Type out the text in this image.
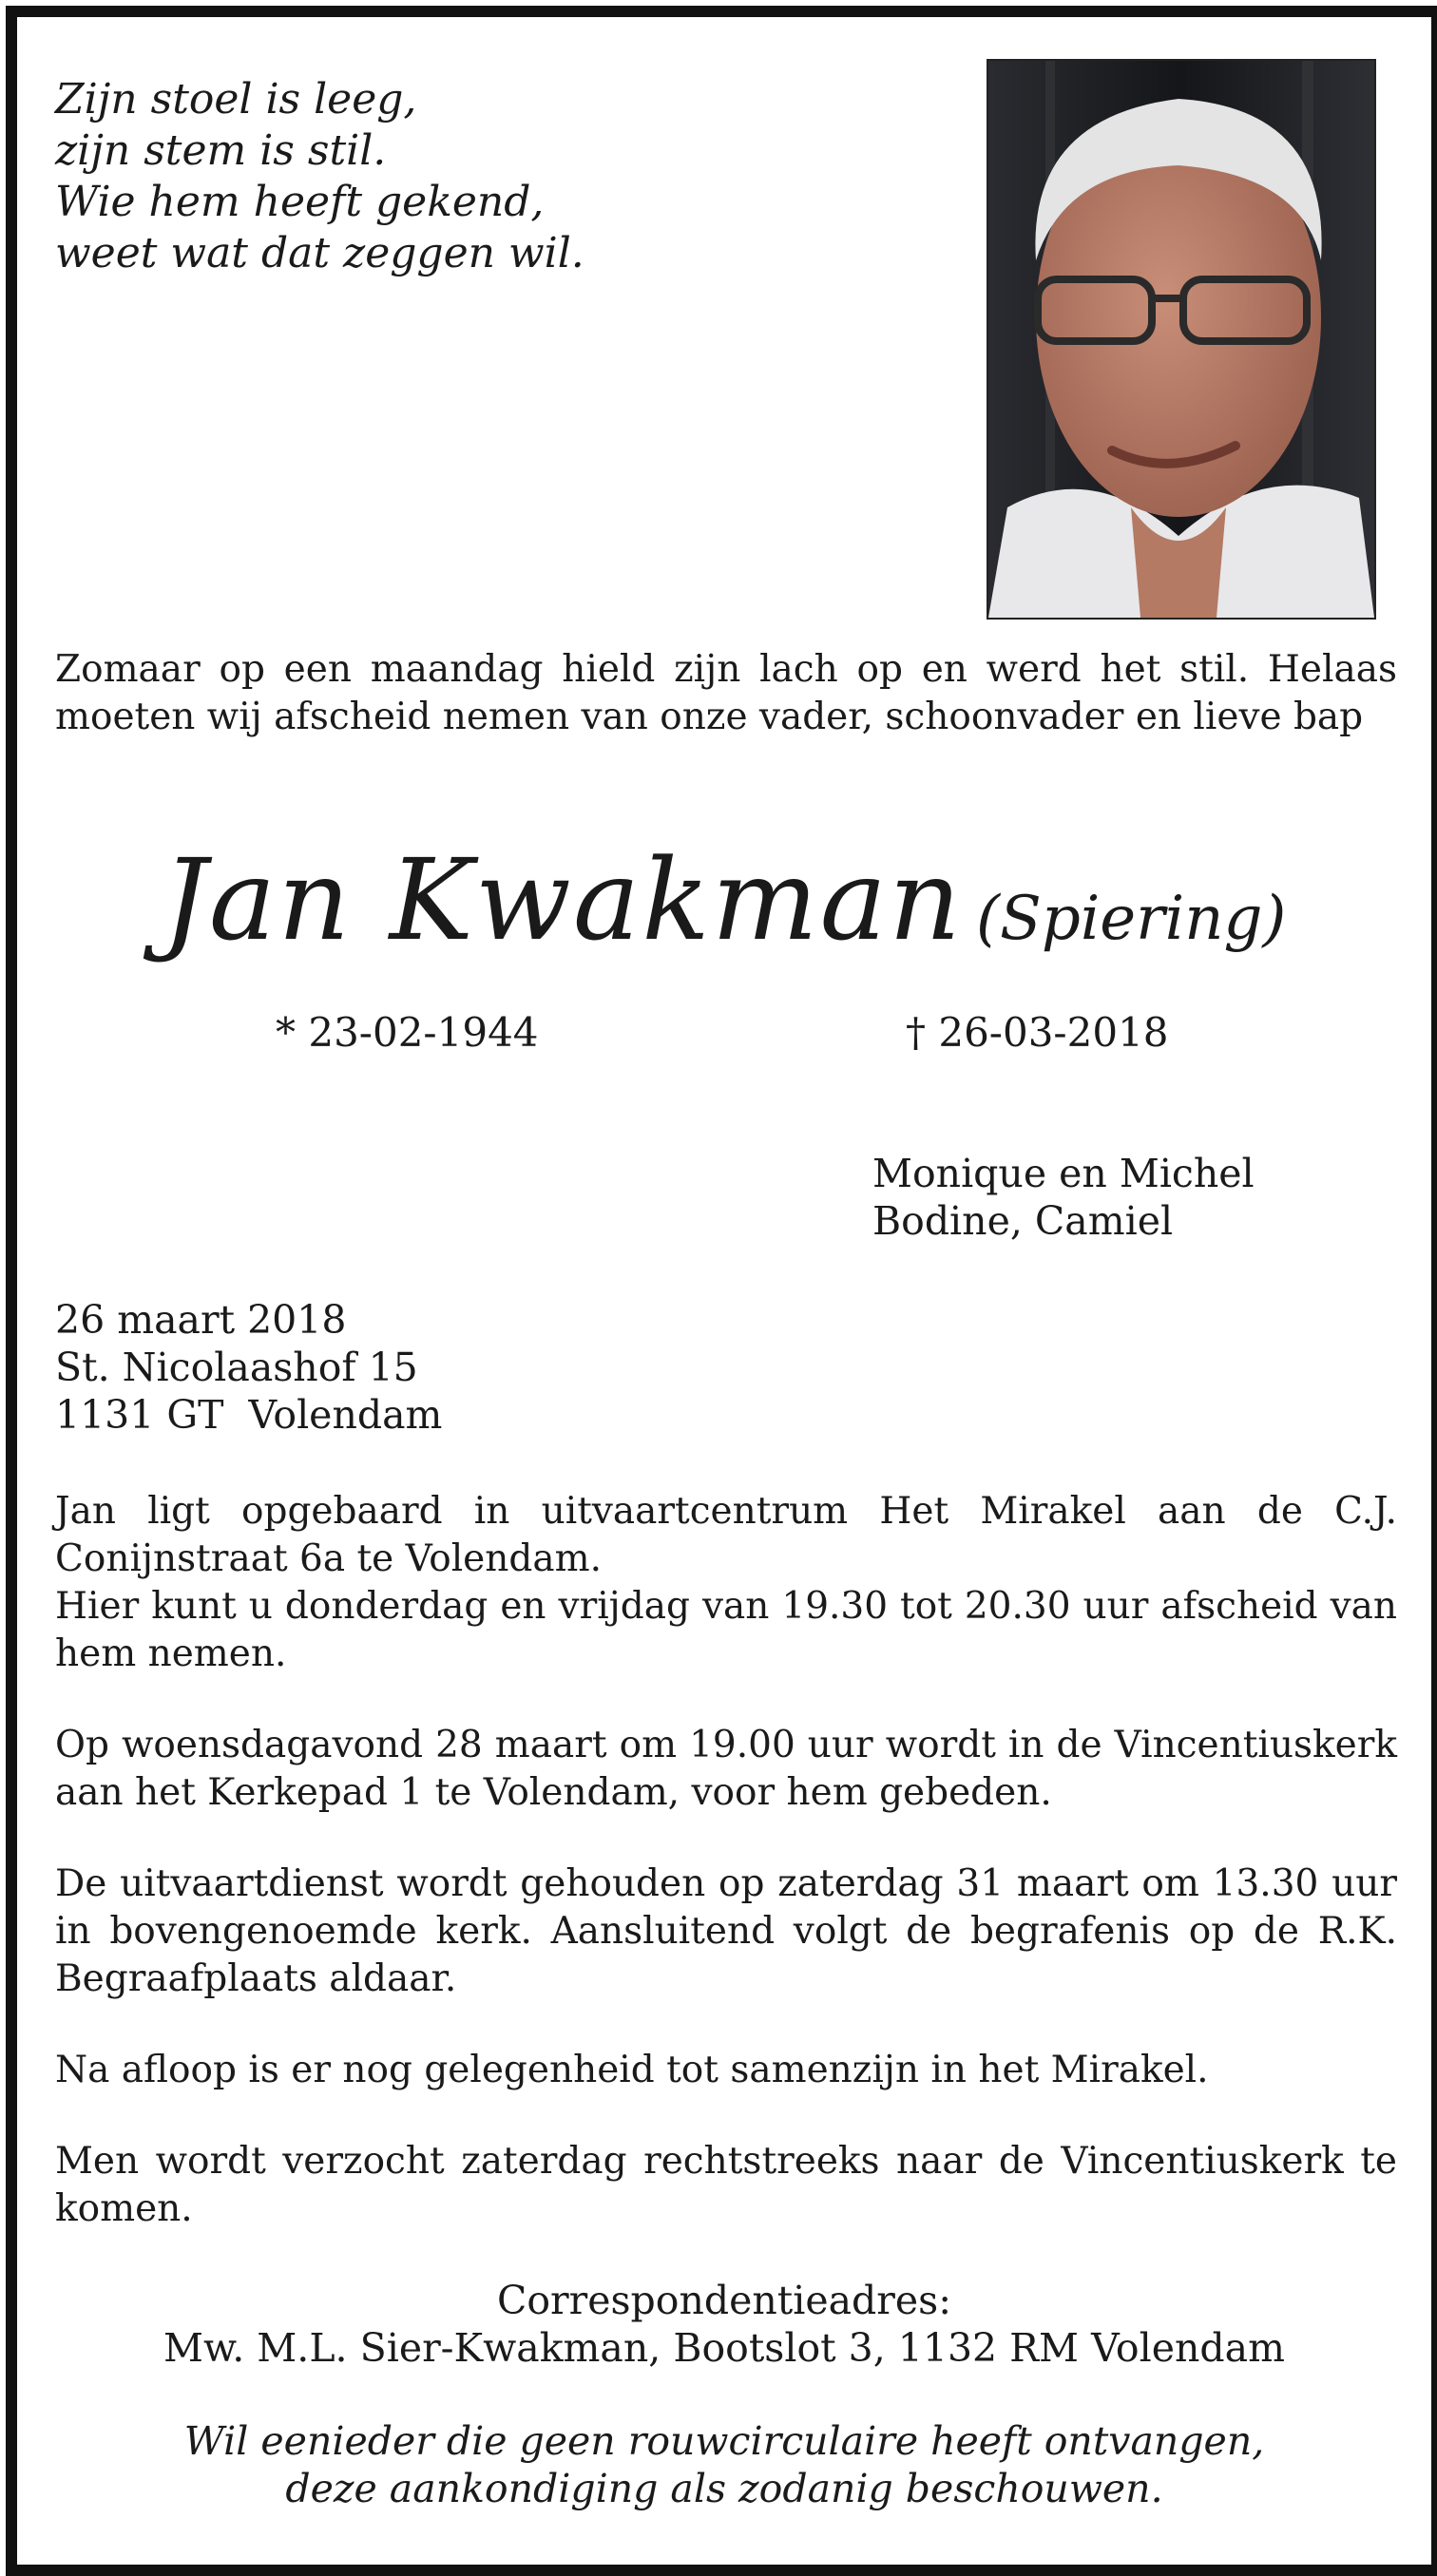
Zijn stoel is leeg,
zijn stem is stil.
Wie hem heeft gekend,
weet wat dat zeggen wil.
Zomaar op een maandag hield zijn lach op en werd het stil. Helaas moeten wij afscheid nemen van onze vader, schoonvader en lieve bap
Jan Kwakman (Spiering)
* 23-02-1944	† 26-03-2018
Monique en Michel
Bodine, Camiel
26 maart 2018
St. Nicolaashof 15
1131 GT  Volendam
Jan ligt opgebaard in uitvaartcentrum Het Mirakel aan de C.J. Conijnstraat 6a te Volendam.
Hier kunt u donderdag en vrijdag van 19.30 tot 20.30 uur afscheid van hem nemen.
Op woensdagavond 28 maart om 19.00 uur wordt in de Vincentiuskerk aan het Kerkepad 1 te Volendam, voor hem gebeden.
De uitvaartdienst wordt gehouden op zaterdag 31 maart om 13.30 uur in bovengenoemde kerk. Aansluitend volgt de begrafenis op de R.K. Begraafplaats aldaar.
Na afloop is er nog gelegenheid tot samenzijn in het Mirakel.
Men wordt verzocht zaterdag rechtstreeks naar de Vincentiuskerk te komen.
Correspondentieadres:
Mw. M.L. Sier-Kwakman, Bootslot 3, 1132 RM Volendam
Wil eenieder die geen rouwcirculaire heeft ontvangen,
deze aankondiging als zodanig beschouwen.
